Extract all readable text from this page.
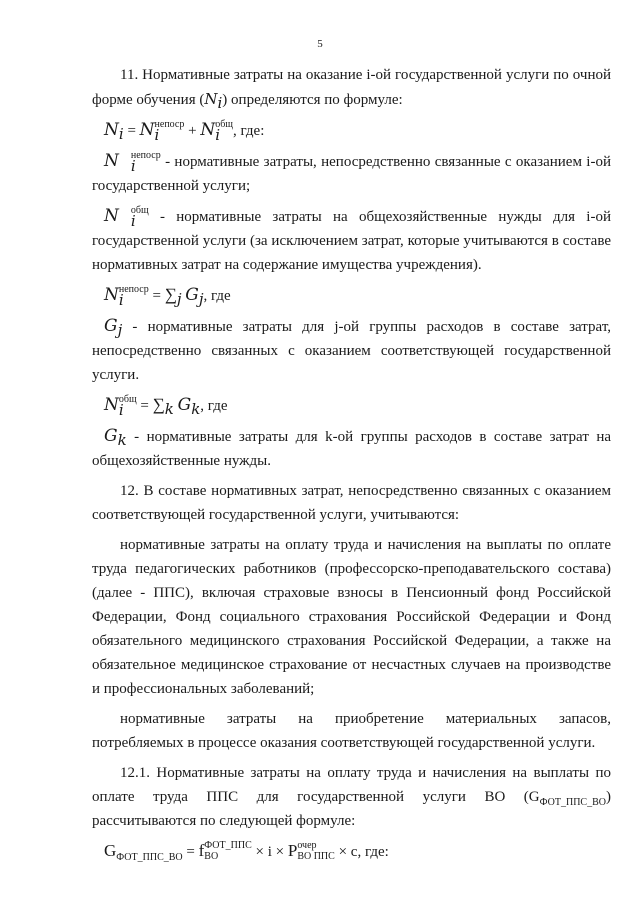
5

11. Нормативные затраты на оказание i-ой государственной услуги по очной форме обучения $(N_i)$ определяются по формуле:

$N_i = N$ непоср
i	+ N общ
i , где:

N	непоср
i	- нормативные затраты, непосредственно связанные с оказанием i-ой государственной услуги;

N	общ
i - нормативные затраты на общехозяйственные нужды для i-ой государственной услуги (за исключением затрат, которые учитываются в составе нормативных затрат на содержание имущества учреждения).

N непоср
i	= $\sum_j$ $G_j$, где

$G_j$ - нормативные затраты для j-ой группы расходов в составе затрат, непосредственно связанных с оказанием соответствующей государственной услуги.

N общ
$i = \sum_k$ $G_k$, где

$G_k$ - нормативные затраты для k-ой группы расходов в составе затрат на общехозяйственные нужды.

12. В составе нормативных затрат, непосредственно связанных с оказанием соответствующей государственной услуги, учитываются:

нормативные затраты на оплату труда и начисления на выплаты по оплате труда педагогических работников (профессорско-преподавательского состава) (далее - ППС), включая страховые взносы в Пенсионный фонд Российской Федерации, Фонд социального страхования Российской Федерации и Фонд обязательного медицинского страхования Российской Федерации, а также на обязательное медицинское страхование от несчастных случаев на производстве и профессиональных заболеваний;

нормативные затраты на приобретение материальных запасов, потребляемых в процессе оказания соответствующей государственной услуги.

12.1. Нормативные затраты на оплату труда и начисления на выплаты по оплате труда ППС для государственной услуги ВО $(G_{ФОТ\_ППС\_ВО})$ рассчитываются по следующей формуле:

$G_{ФОТ\_ППС\_ВО} = f$ ФОТ_ППС
ВО	× i × P очер
ВО ППС × c, где:
